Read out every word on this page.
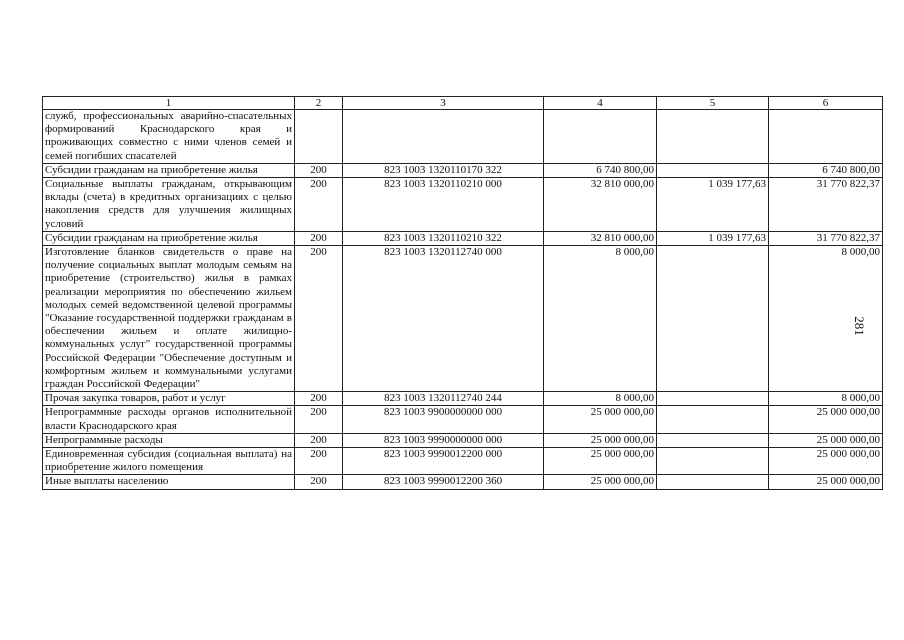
1	2	3	4	5	6
служб, профессиональных аварийно-спасательных формирований Краснодарского края и проживающих совместно с ними членов семей и семей погибших спасателей					
Субсидии гражданам на приобретение жилья	200	823 1003 1320110170 322	6 740 800,00		6 740 800,00
Социальные выплаты гражданам, открывающим вклады (счета) в кредитных организациях с целью накопления средств для улучшения жилищных условий	200	823 1003 1320110210 000	32 810 000,00	1 039 177,63	31 770 822,37
Субсидии гражданам на приобретение жилья	200	823 1003 1320110210 322	32 810 000,00	1 039 177,63	31 770 822,37
Изготовление бланков свидетельств о праве на получение социальных выплат молодым семьям на приобретение (строительство) жилья в рамках реализации мероприятия по обеспечению жильем молодых семей ведомственной целевой программы "Оказание государственной поддержки гражданам в обеспечении жильем и оплате жилищно-коммунальных услуг" государственной программы Российской Федерации "Обеспечение доступным и комфортным жильем и коммунальными услугами граждан Российской Федерации"	200	823 1003 1320112740 000	8 000,00		8 000,00
Прочая закупка товаров, работ и услуг	200	823 1003 1320112740 244	8 000,00		8 000,00
Непрограммные расходы органов исполнительной власти Краснодарского края	200	823 1003 9900000000 000	25 000 000,00		25 000 000,00
Непрограммные расходы	200	823 1003 9990000000 000	25 000 000,00		25 000 000,00
Единовременная субсидия (социальная выплата) на приобретение жилого помещения	200	823 1003 9990012200 000	25 000 000,00		25 000 000,00
Иные выплаты населению	200	823 1003 9990012200 360	25 000 000,00		25 000 000,00
281
